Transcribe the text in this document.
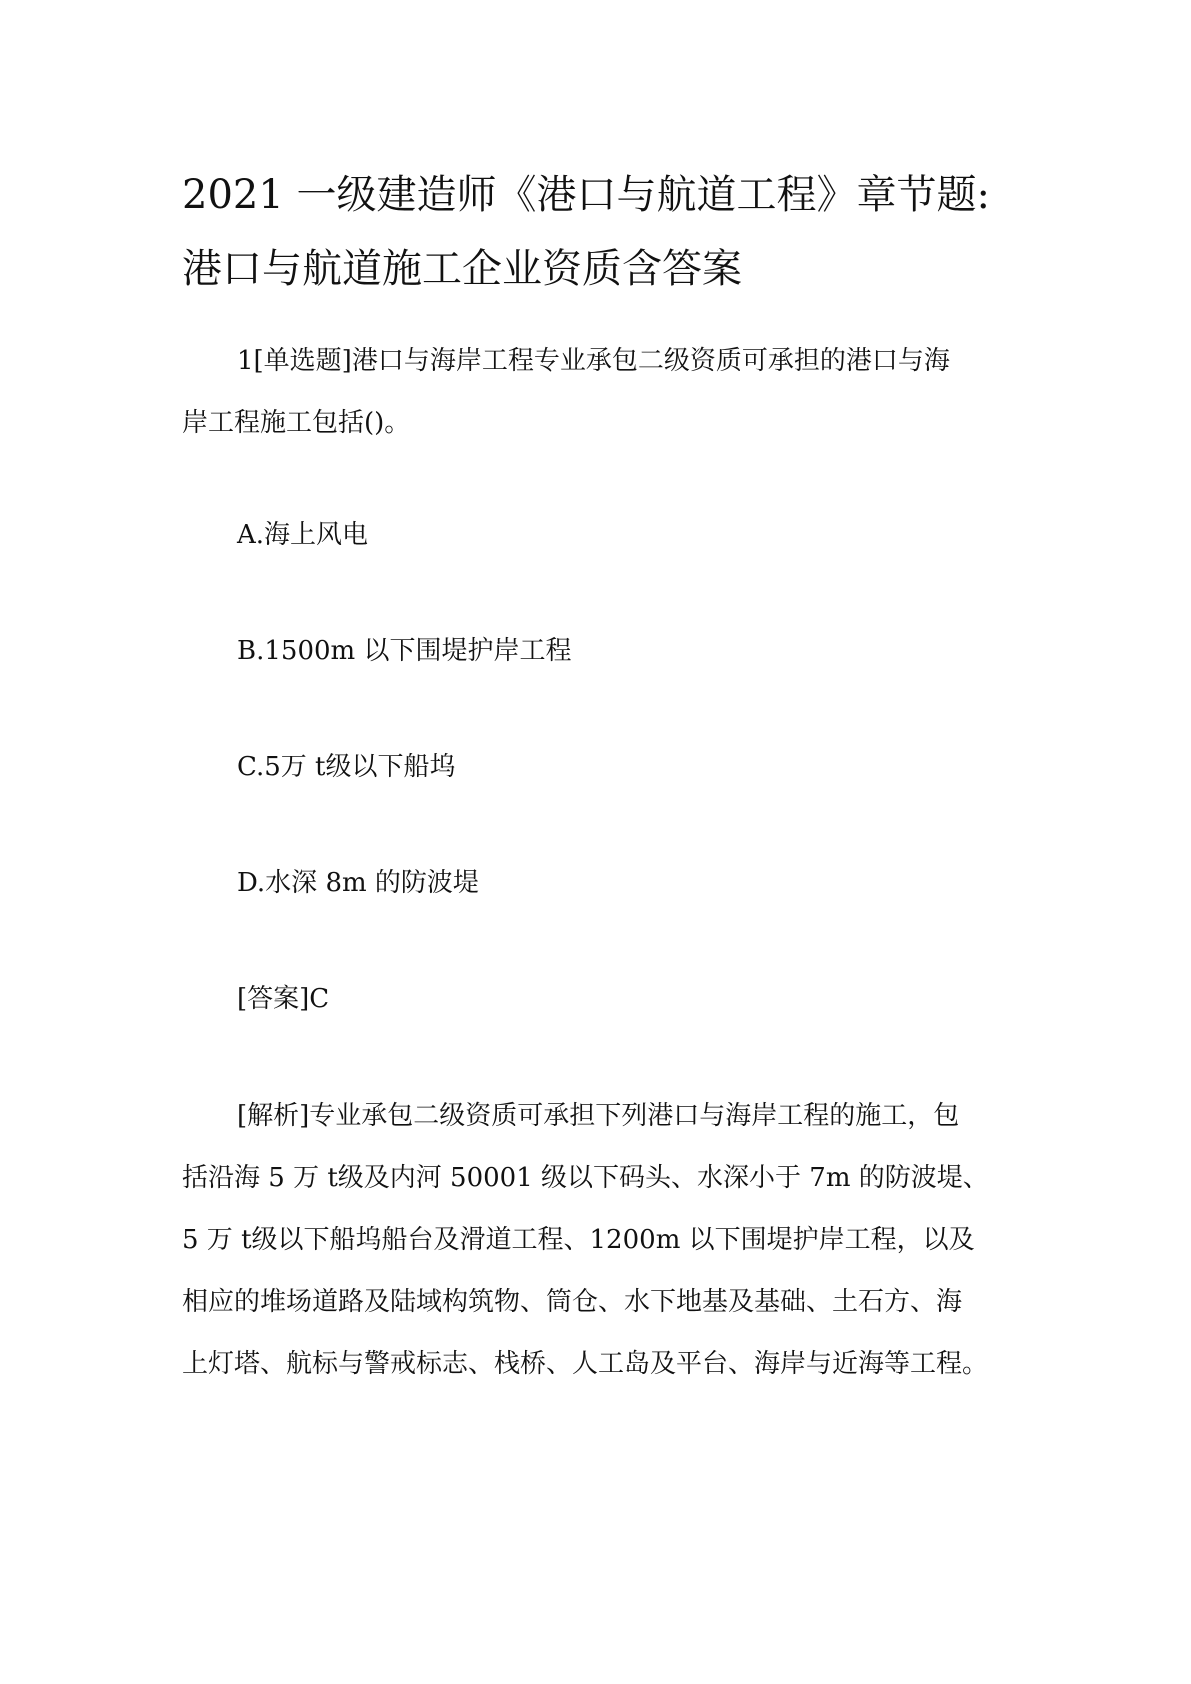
2021 一级建造师《港口与航道工程》章节题:
港口与航道施工企业资质含答案

1[单选题]港口与海岸工程专业承包二级资质可承担的港口与海
岸工程施工包括()。

A.海上风电

B.1500m 以下围堤护岸工程

C.5万 t级以下船坞

D.水深 8m 的防波堤

[答案]C

[解析]专业承包二级资质可承担下列港口与海岸工程的施工，包
括沿海 5 万 t级及内河 50001 级以下码头、水深小于 7m 的防波堤、
5 万 t级以下船坞船台及滑道工程、1200m 以下围堤护岸工程，以及
相应的堆场道路及陆域构筑物、筒仓、水下地基及基础、土石方、海
上灯塔、航标与警戒标志、栈桥、人工岛及平台、海岸与近海等工程。
